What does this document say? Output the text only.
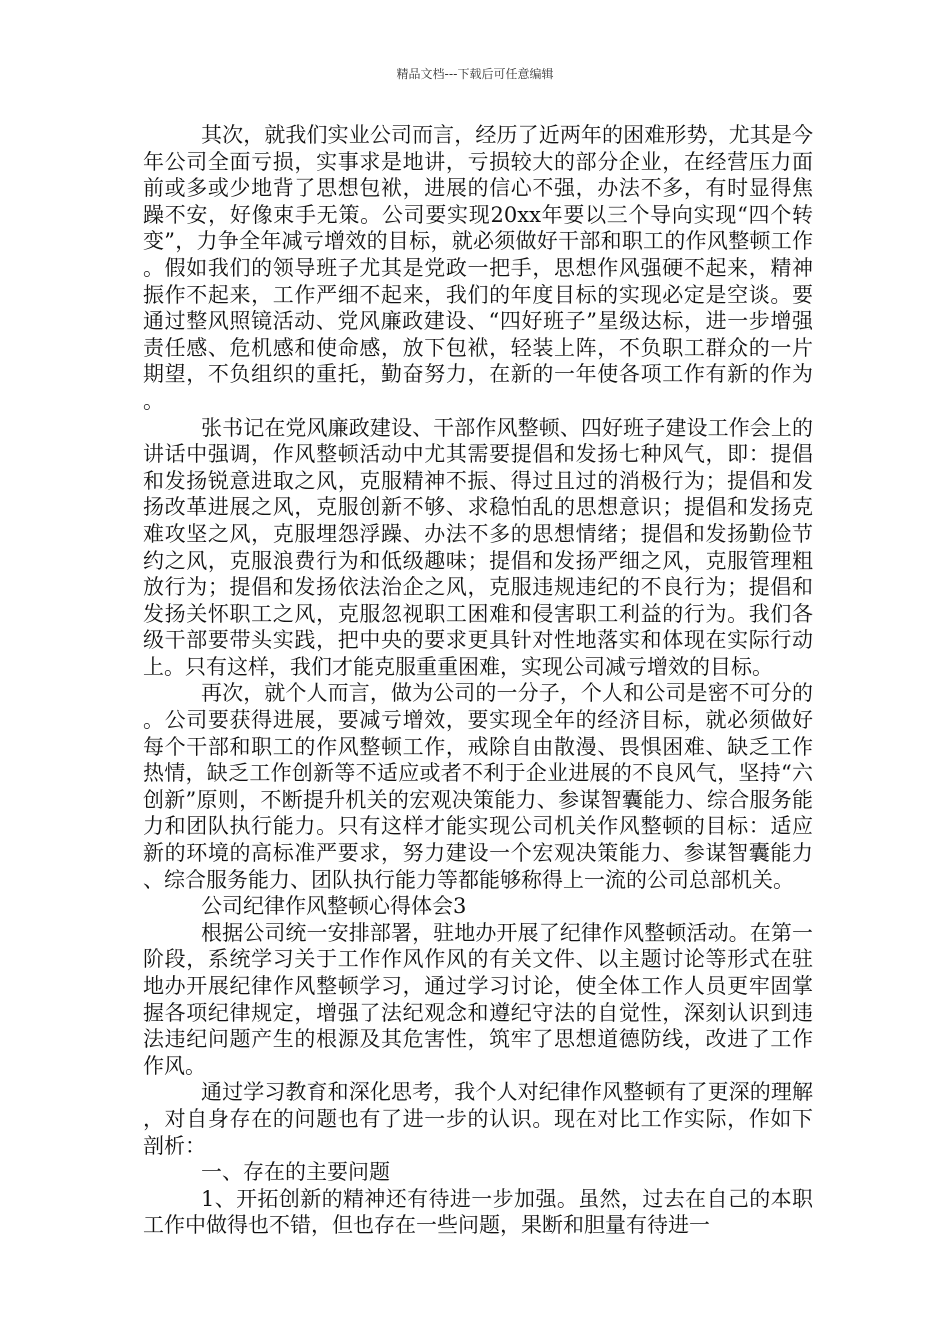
精品文档---下载后可任意编辑

其次，就我们实业公司而言，经历了近两年的困难形势，尤其是今年公司全面亏损，实事求是地讲，亏损较大的部分企业，在经营压力面前或多或少地背了思想包袱，进展的信心不强，办法不多，有时显得焦躁不安，好像束手无策。公司要实现20xx年要以三个导向实现“四个转变”，力争全年减亏增效的目标，就必须做好干部和职工的作风整顿工作。假如我们的领导班子尤其是党政一把手，思想作风强硬不起来，精神振作不起来，工作严细不起来，我们的年度目标的实现必定是空谈。要通过整风照镜活动、党风廉政建设、“四好班子”星级达标，进一步增强责任感、危机感和使命感，放下包袱，轻装上阵，不负职工群众的一片期望，不负组织的重托，勤奋努力，在新的一年使各项工作有新的作为。

张书记在党风廉政建设、干部作风整顿、四好班子建设工作会上的讲话中强调，作风整顿活动中尤其需要提倡和发扬七种风气，即：提倡和发扬锐意进取之风，克服精神不振、得过且过的消极行为；提倡和发扬改革进展之风，克服创新不够、求稳怕乱的思想意识；提倡和发扬克难攻坚之风，克服埋怨浮躁、办法不多的思想情绪；提倡和发扬勤俭节约之风，克服浪费行为和低级趣味；提倡和发扬严细之风，克服管理粗放行为；提倡和发扬依法治企之风，克服违规违纪的不良行为；提倡和发扬关怀职工之风，克服忽视职工困难和侵害职工利益的行为。我们各级干部要带头实践，把中央的要求更具针对性地落实和体现在实际行动上。只有这样，我们才能克服重重困难，实现公司减亏增效的目标。

再次，就个人而言，做为公司的一分子，个人和公司是密不可分的。公司要获得进展，要减亏增效，要实现全年的经济目标，就必须做好每个干部和职工的作风整顿工作，戒除自由散漫、畏惧困难、缺乏工作热情，缺乏工作创新等不适应或者不利于企业进展的不良风气，坚持“六创新”原则，不断提升机关的宏观决策能力、参谋智囊能力、综合服务能力和团队执行能力。只有这样才能实现公司机关作风整顿的目标：适应新的环境的高标准严要求，努力建设一个宏观决策能力、参谋智囊能力、综合服务能力、团队执行能力等都能够称得上一流的公司总部机关。

公司纪律作风整顿心得体会3

根据公司统一安排部署，驻地办开展了纪律作风整顿活动。在第一阶段，系统学习关于工作作风作风的有关文件、以主题讨论等形式在驻地办开展纪律作风整顿学习，通过学习讨论，使全体工作人员更牢固掌握各项纪律规定，增强了法纪观念和遵纪守法的自觉性，深刻认识到违法违纪问题产生的根源及其危害性，筑牢了思想道德防线，改进了工作作风。

通过学习教育和深化思考，我个人对纪律作风整顿有了更深的理解，对自身存在的问题也有了进一步的认识。现在对比工作实际，作如下剖析：

一、存在的主要问题

1、开拓创新的精神还有待进一步加强。虽然，过去在自己的本职工作中做得也不错，但也存在一些问题，果断和胆量有待进一
